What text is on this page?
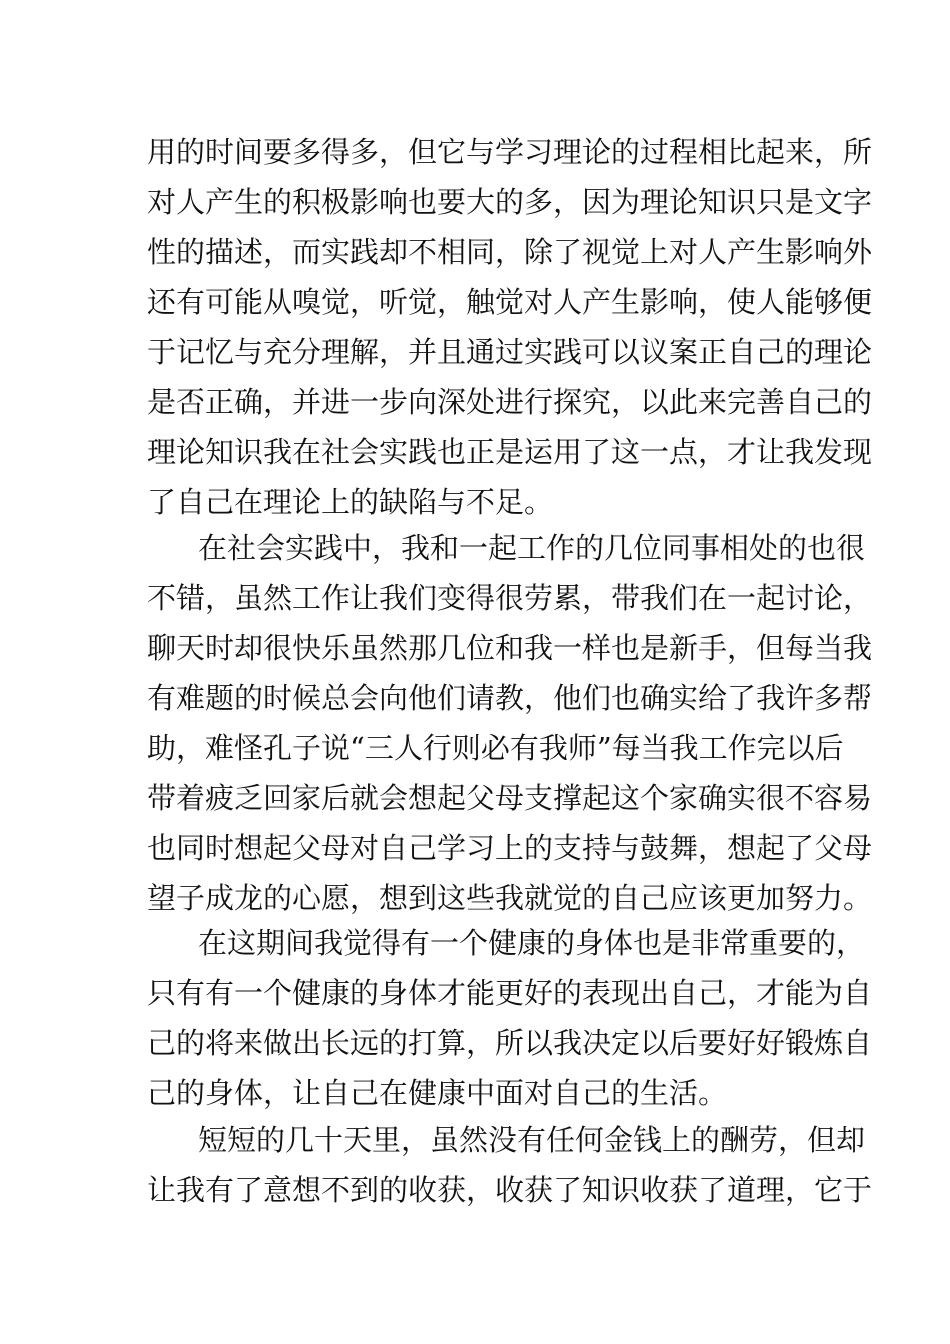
用的时间要多得多，但它与学习理论的过程相比起来，所
对人产生的积极影响也要大的多，因为理论知识只是文字
性的描述，而实践却不相同，除了视觉上对人产生影响外
还有可能从嗅觉，听觉，触觉对人产生影响，使人能够便
于记忆与充分理解，并且通过实践可以议案正自己的理论
是否正确，并进一步向深处进行探究，以此来完善自己的
理论知识我在社会实践也正是运用了这一点，才让我发现
了自己在理论上的缺陷与不足。
在社会实践中，我和一起工作的几位同事相处的也很
不错，虽然工作让我们变得很劳累，带我们在一起讨论，
聊天时却很快乐虽然那几位和我一样也是新手，但每当我
有难题的时候总会向他们请教，他们也确实给了我许多帮
助，难怪孔子说“三人行则必有我师”每当我工作完以后
带着疲乏回家后就会想起父母支撑起这个家确实很不容易
也同时想起父母对自己学习上的支持与鼓舞，想起了父母
望子成龙的心愿，想到这些我就觉的自己应该更加努力。
在这期间我觉得有一个健康的身体也是非常重要的，
只有有一个健康的身体才能更好的表现出自己，才能为自
己的将来做出长远的打算，所以我决定以后要好好锻炼自
己的身体，让自己在健康中面对自己的生活。
短短的几十天里，虽然没有任何金钱上的酬劳，但却
让我有了意想不到的收获，收获了知识收获了道理，它于
